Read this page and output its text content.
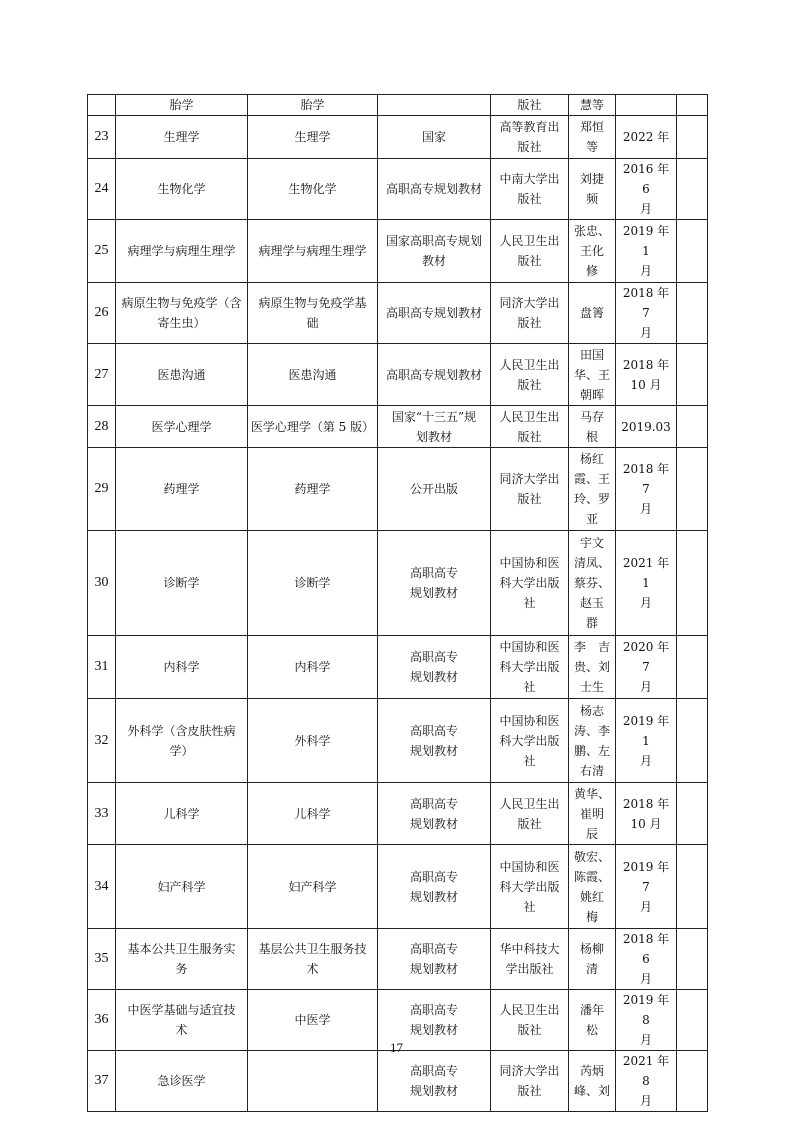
	胎学	胎学		版社	慧等		
23	生理学	生理学	国家	高等教育出
版社	郑恒
等	2022 年	
24	生物化学	生物化学	高职高专规划教材	中南大学出
版社	刘捷
频	2016 年 6
月	
25	病理学与病理生理学	病理学与病理生理学	国家高职高专规划
教材	人民卫生出
版社	张忠、
王化
修	2019 年 1
月	
26	病原生物与免疫学（含
寄生虫）	病原生物与免疫学基
础	高职高专规划教材	同济大学出
版社	盘箐	2018 年 7
月	
27	医患沟通	医患沟通	高职高专规划教材	人民卫生出
版社	田国
华、王
朝晖	2018 年
10 月	
28	医学心理学	医学心理学（第 5 版）	国家“十三五”规
划教材	人民卫生出
版社	马存
根	2019.03	
29	药理学	药理学	公开出版	同济大学出
版社	杨红
霞、王
玲、罗
亚	2018 年 7
月	
30	诊断学	诊断学	高职高专
规划教材	中国协和医
科大学出版
社	宇文
清凤、
蔡芬、
赵玉
群	2021 年 1
月	
31	内科学	内科学	高职高专
规划教材	中国协和医
科大学出版
社	李　吉
贵、刘
士生	2020 年 7
月	
32	外科学（含皮肤性病
学）	外科学	高职高专
规划教材	中国协和医
科大学出版
社	杨志
涛、李
鹏、左
右清	2019 年 1
月	
33	儿科学	儿科学	高职高专
规划教材	人民卫生出
版社	黄华、
崔明
辰	2018 年
10 月	
34	妇产科学	妇产科学	高职高专
规划教材	中国协和医
科大学出版
社	敬宏、
陈霞、
姚红
梅	2019 年 7
月	
35	基本公共卫生服务实
务	基层公共卫生服务技
术	高职高专
规划教材	华中科技大
学出版社	杨柳
清	2018 年 6
月	
36	中医学基础与适宜技
术	中医学	高职高专
规划教材	人民卫生出
版社	潘年
松	2019 年 8
月	
37	急诊医学		高职高专
规划教材	同济大学出
版社	芮炳
峰、刘	2021 年 8
月	
17
